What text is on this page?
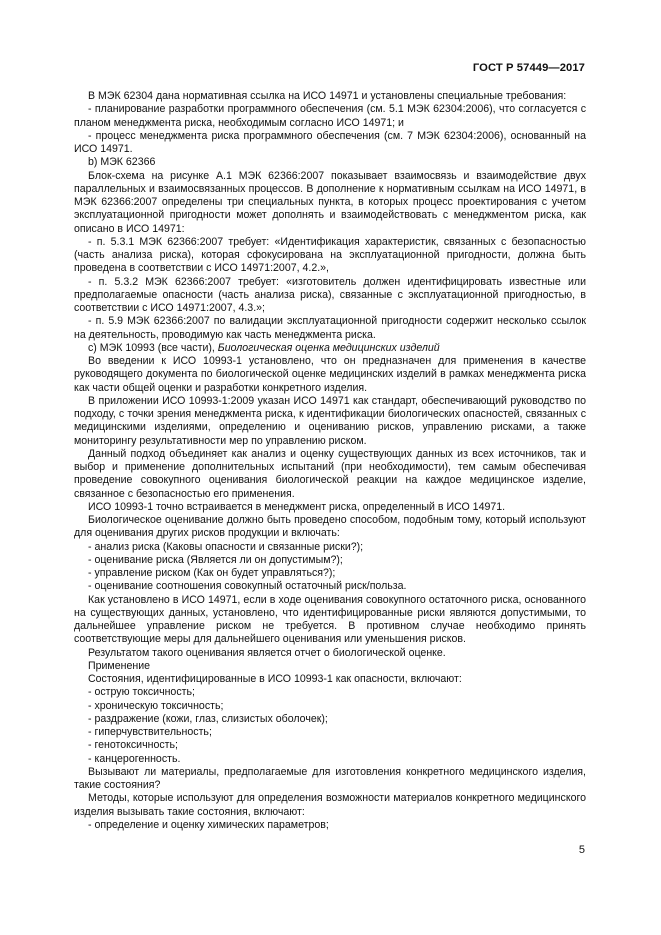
ГОСТ Р 57449—2017

В МЭК 62304 дана нормативная ссылка на ИСО 14971 и установлены специальные требования:

- планирование разработки программного обеспечения (см. 5.1 МЭК 62304:2006), что согласуется с планом менеджмента риска, необходимым согласно ИСО 14971; и

- процесс менеджмента риска программного обеспечения (см. 7 МЭК 62304:2006), основанный на ИСО 14971.

b) МЭК 62366

Блок-схема на рисунке А.1 МЭК 62366:2007 показывает взаимосвязь и взаимодействие двух параллельных и взаимосвязанных процессов. В дополнение к нормативным ссылкам на ИСО 14971, в МЭК 62366:2007 определены три специальных пункта, в которых процесс проектирования с учетом эксплуатационной пригодности может дополнять и взаимодействовать с менеджментом риска, как описано в ИСО 14971:

- п. 5.3.1 МЭК 62366:2007 требует: «Идентификация характеристик, связанных с безопасностью (часть анализа риска), которая сфокусирована на эксплуатационной пригодности, должна быть проведена в соответствии с ИСО 14971:2007, 4.2.»,

- п. 5.3.2 МЭК 62366:2007 требует: «изготовитель должен идентифицировать известные или предполагаемые опасности (часть анализа риска), связанные с эксплуатационной пригодностью, в соответствии с ИСО 14971:2007, 4.3.»;

- п. 5.9 МЭК 62366:2007 по валидации эксплуатационной пригодности содержит несколько ссылок на деятельность, проводимую как часть менеджмента риска.

c) МЭК 10993 (все части), Биологическая оценка медицинских изделий

Во введении к ИСО 10993-1 установлено, что он предназначен для применения в качестве руководящего документа по биологической оценке медицинских изделий в рамках менеджмента риска как части общей оценки и разработки конкретного изделия.

В приложении ИСО 10993-1:2009 указан ИСО 14971 как стандарт, обеспечивающий руководство по подходу, с точки зрения менеджмента риска, к идентификации биологических опасностей, связанных с медицинскими изделиями, определению и оцениванию рисков, управлению рисками, а также мониторингу результативности мер по управлению риском.

Данный подход объединяет как анализ и оценку существующих данных из всех источников, так и выбор и применение дополнительных испытаний (при необходимости), тем самым обеспечивая проведение совокупного оценивания биологической реакции на каждое медицинское изделие, связанное с безопасностью его применения.

ИСО 10993-1 точно встраивается в менеджмент риска, определенный в ИСО 14971.

Биологическое оценивание должно быть проведено способом, подобным тому, который используют для оценивания других рисков продукции и включать:

- анализ риска (Каковы опасности и связанные риски?);

- оценивание риска (Является ли он допустимым?);

- управление риском (Как он будет управляться?);

- оценивание соотношения совокупный остаточный риск/польза.

Как установлено в ИСО 14971, если в ходе оценивания совокупного остаточного риска, основанного на существующих данных, установлено, что идентифицированные риски являются допустимыми, то дальнейшее управление риском не требуется. В противном случае необходимо принять соответствующие меры для дальнейшего оценивания или уменьшения рисков.

Результатом такого оценивания является отчет о биологической оценке.

Применение

Состояния, идентифицированные в ИСО 10993-1 как опасности, включают:

- острую токсичность;

- хроническую токсичность;

- раздражение (кожи, глаз, слизистых оболочек);

- гиперчувствительность;

- генотоксичность;

- канцерогенность.

Вызывают ли материалы, предполагаемые для изготовления конкретного медицинского изделия, такие состояния?

Методы, которые используют для определения возможности материалов конкретного медицинского изделия вызывать такие состояния, включают:

- определение и оценку химических параметров;

5
